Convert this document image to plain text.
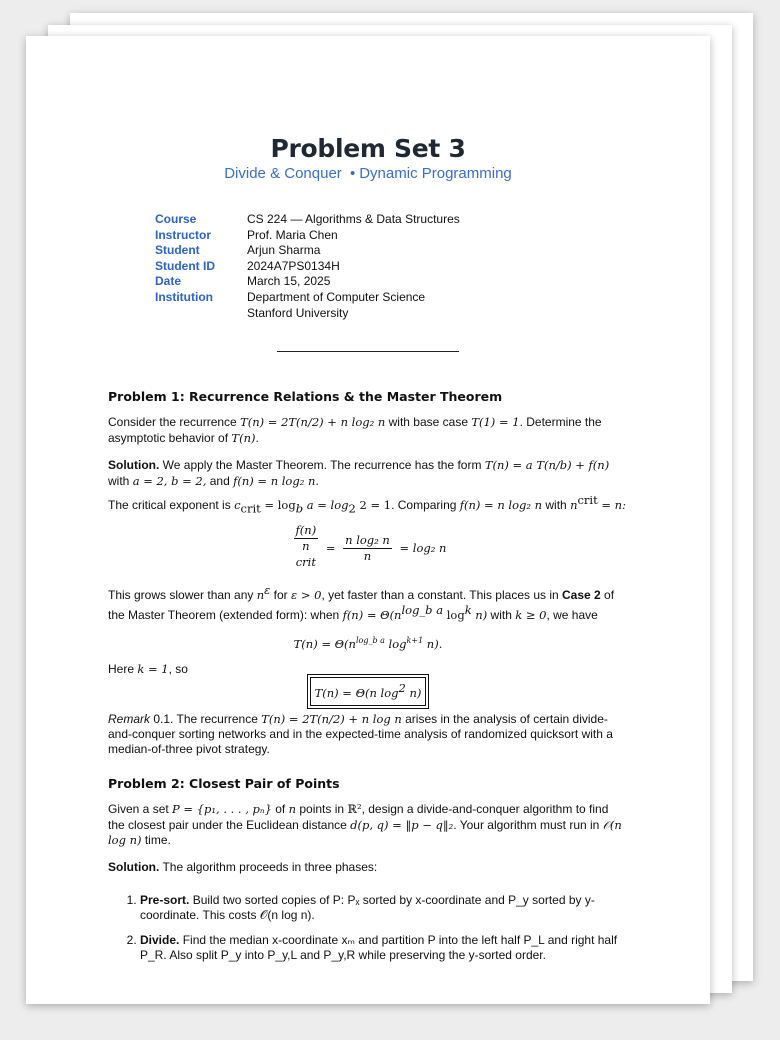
Problem Set 3
Divide & Conquer • Dynamic Programming
Course	CS 224 — Algorithms & Data Structures
Instructor	Prof. Maria Chen
Student	Arjun Sharma
Student ID	2024A7PS0134H
Date	March 15, 2025
Institution	Department of Computer Science
Stanford University

Problem 1: Recurrence Relations & the Master Theorem

Consider the recurrence T(n) = 2T(n/2) + n log₂ n with base case T(1) = 1. Determine the asymptotic behavior of T(n).

Solution. We apply the Master Theorem. The recurrence has the form T(n) = a T(n/b) + f(n) with a = 2, b = 2, and f(n) = n log₂ n.

The critical exponent is $c_{crit} = \log_b a = \log_2 2 = 1$. Comparing f(n) = n log₂ n with $n^{crit} = n$:

f(n)
n
$^{crit} = \frac{\text{n log₂ n}}{n} = \log_2$ n

This grows slower than any $n^\varepsilon$ for ε > 0, yet faster than a constant. This places us in Case 2 of the Master Theorem (extended form): when $f(n) = \Theta(n^{log\_b a}$ $\log^k n$) with k ≥ 0, we have

$T(n) = \Theta(n^{log\_b a}$ $\log^{k+1} n$).

Here k = 1, so

T(n) = Θ(n $\log^2 n$)

Remark 0.1. The recurrence T(n) = 2T(n/2) + n log n arises in the analysis of certain divide-and-conquer sorting networks and in the expected-time analysis of randomized quicksort with a median-of-three pivot strategy.

Problem 2: Closest Pair of Points

Given a set P = {p₁, . . . , pₙ} of n points in ℝ², design a divide-and-conquer algorithm to find the closest pair under the Euclidean distance d(p, q) = ‖p − q‖₂. Your algorithm must run in 𝒪(n log n) time.

Solution. The algorithm proceeds in three phases:

1. Pre-sort. Build two sorted copies of P: Pₓ sorted by x-coordinate and P_y sorted by y-coordinate. This costs 𝒪(n log n).
2. Divide. Find the median x-coordinate xₘ and partition P into the left half P_L and right half P_R. Also split P_y into P_y,L and P_y,R while preserving the y-sorted order.
